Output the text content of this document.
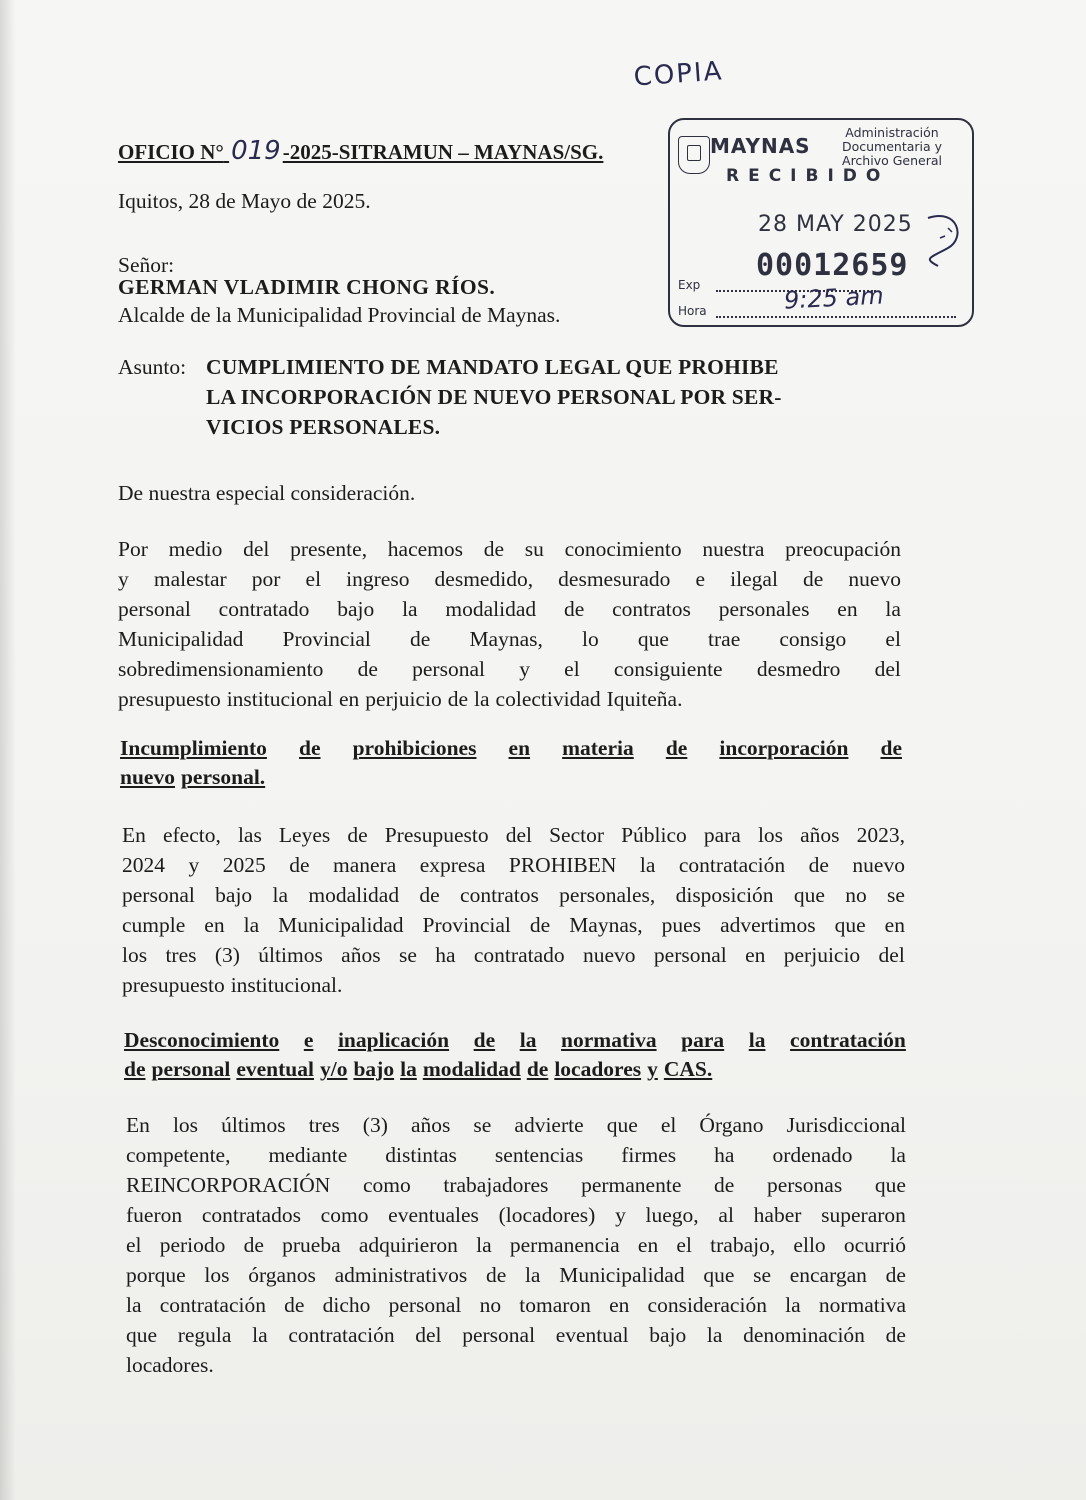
COPIA
OFICIO N° 019-2025-SITRAMUN – MAYNAS/SG.	MAYNAS
Administración
Documentaria y
Archivo General
RECIBIDO
28 MAY 2025
00012659
Exp
Hora	9:25 am
Iquitos, 28 de Mayo de 2025.
Señor:
GERMAN VLADIMIR CHONG RÍOS.
Alcalde de la Municipalidad Provincial de Maynas.
Asunto: CUMPLIMIENTO DE MANDATO LEGAL QUE PROHIBE
LA INCORPORACIÓN DE NUEVO PERSONAL POR SER-
VICIOS PERSONALES.
De nuestra especial consideración.
Por medio del presente, hacemos de su conocimiento nuestra preocupación
y malestar por el ingreso desmedido, desmesurado e ilegal de nuevo
personal contratado bajo la modalidad de contratos personales en la
Municipalidad Provincial de Maynas, lo que trae consigo el
sobredimensionamiento de personal y el consiguiente desmedro del
presupuesto institucional en perjuicio de la colectividad Iquiteña.
Incumplimiento de prohibiciones en materia de incorporación de
nuevo personal.
En efecto, las Leyes de Presupuesto del Sector Público para los años 2023,
2024 y 2025 de manera expresa PROHIBEN la contratación de nuevo
personal bajo la modalidad de contratos personales, disposición que no se
cumple en la Municipalidad Provincial de Maynas, pues advertimos que en
los tres (3) últimos años se ha contratado nuevo personal en perjuicio del
presupuesto institucional.
Desconocimiento e inaplicación de la normativa para la contratación
de personal eventual y/o bajo la modalidad de locadores y CAS.
En los últimos tres (3) años se advierte que el Órgano Jurisdiccional
competente, mediante distintas sentencias firmes ha ordenado la
REINCORPORACIÓN como trabajadores permanente de personas que
fueron contratados como eventuales (locadores) y luego, al haber superaron
el periodo de prueba adquirieron la permanencia en el trabajo, ello ocurrió
porque los órganos administrativos de la Municipalidad que se encargan de
la contratación de dicho personal no tomaron en consideración la normativa
que regula la contratación del personal eventual bajo la denominación de
locadores.
